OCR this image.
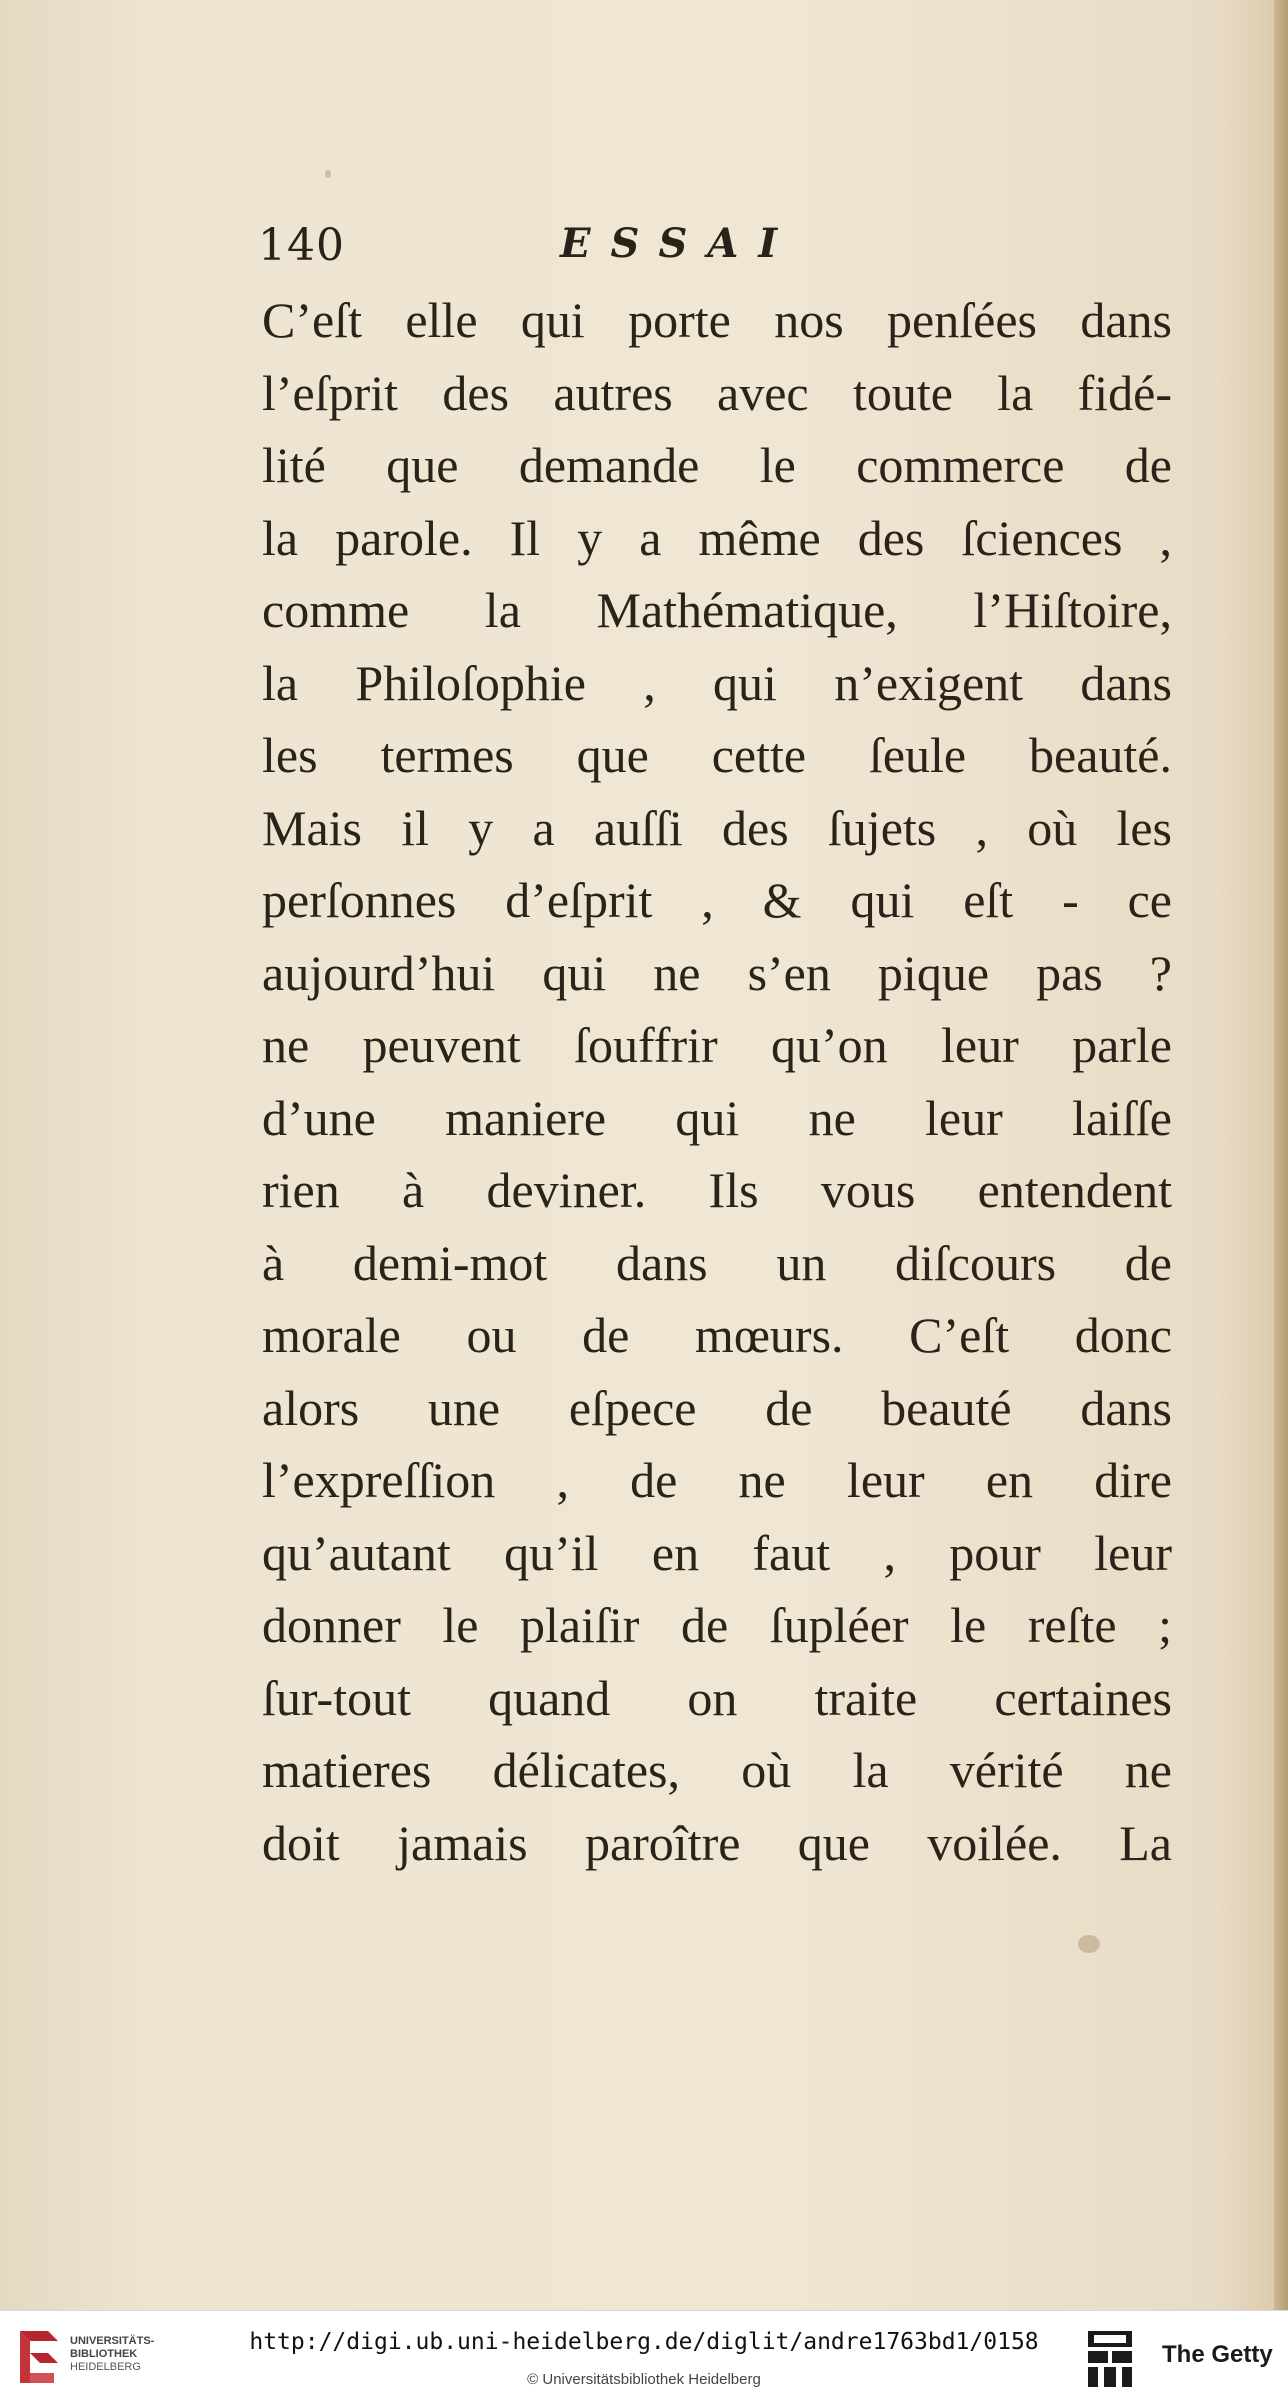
140	ESSAI
C’eſt elle qui porte nos penſées dans
l’eſprit des autres avec toute la fidé-
lité que demande le commerce de
la parole. Il y a même des ſciences ,
comme la Mathématique, l’Hiſtoire,
la Philoſophie , qui n’exigent dans
les termes que cette ſeule beauté.
Mais il y a auſſi des ſujets , où les
perſonnes d’eſprit , & qui eſt - ce
aujourd’hui qui ne s’en pique pas ?
ne peuvent ſouffrir qu’on leur parle
d’une maniere qui ne leur laiſſe
rien à deviner. Ils vous entendent
à demi-mot dans un diſcours de
morale ou de mœurs. C’eſt donc
alors une eſpece de beauté dans
l’expreſſion , de ne leur en dire
qu’autant qu’il en faut , pour leur
donner le plaiſir de ſupléer le reſte ;
ſur-tout quand on traite certaines
matieres délicates, où la vérité ne
doit jamais paroître que voilée. La
UNIVERSITÄTS-
BIBLIOTHEK
HEIDELBERG
http://digi.ub.uni-heidelberg.de/diglit/andre1763bd1/0158
© Universitätsbibliothek Heidelberg
The Getty
